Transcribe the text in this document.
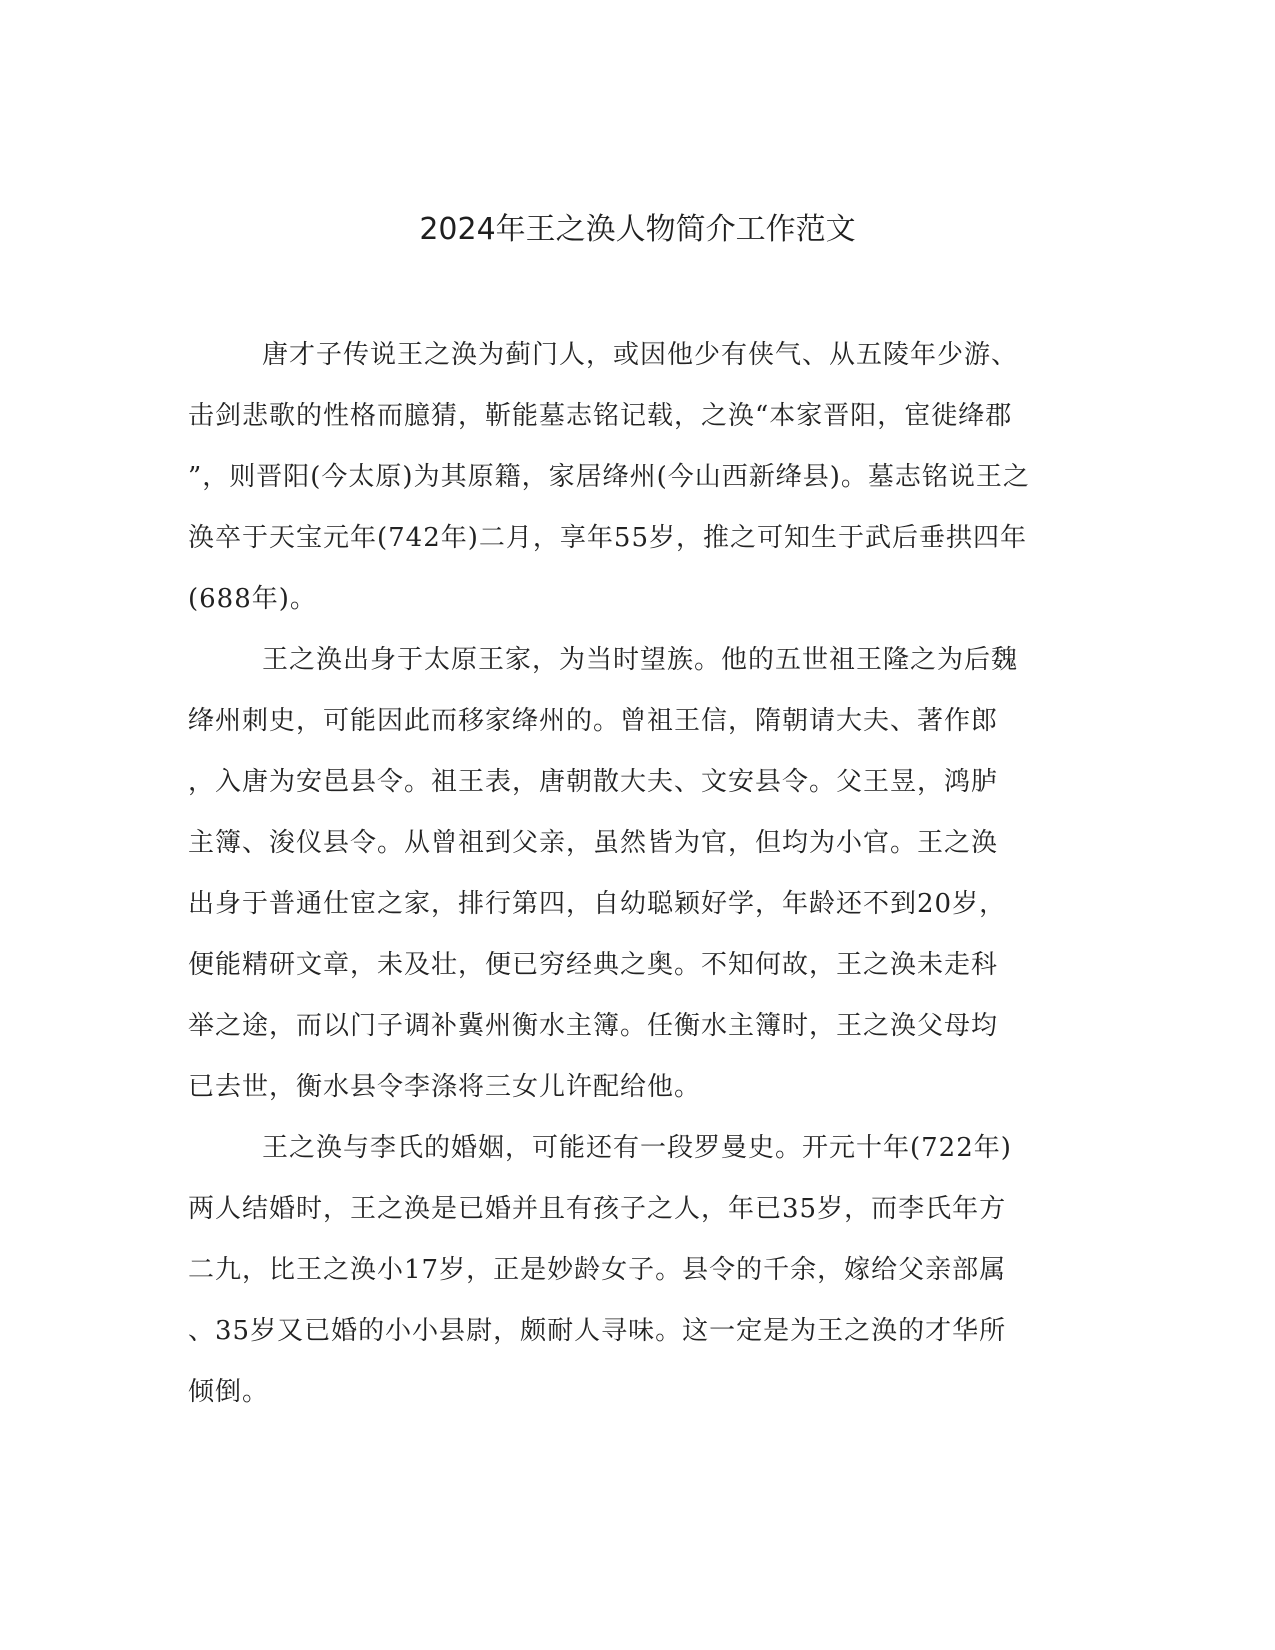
2024年王之涣人物简介工作范文

唐才子传说王之涣为蓟门人，或因他少有侠气、从五陵年少游、

击剑悲歌的性格而臆猜，靳能墓志铭记载，之涣“本家晋阳，宦徙绛郡

”，则晋阳(今太原)为其原籍，家居绛州(今山西新绛县)。墓志铭说王之

涣卒于天宝元年(742年)二月，享年55岁，推之可知生于武后垂拱四年

(688年)。

王之涣出身于太原王家，为当时望族。他的五世祖王隆之为后魏

绛州刺史，可能因此而移家绛州的。曾祖王信，隋朝请大夫、著作郎

，入唐为安邑县令。祖王表，唐朝散大夫、文安县令。父王昱，鸿胪

主簿、浚仪县令。从曾祖到父亲，虽然皆为官，但均为小官。王之涣

出身于普通仕宦之家，排行第四，自幼聪颖好学，年龄还不到20岁，

便能精研文章，未及壮，便已穷经典之奥。不知何故，王之涣未走科

举之途，而以门子调补冀州衡水主簿。任衡水主簿时，王之涣父母均

已去世，衡水县令李涤将三女儿许配给他。

王之涣与李氏的婚姻，可能还有一段罗曼史。开元十年(722年)

两人结婚时，王之涣是已婚并且有孩子之人，年已35岁，而李氏年方

二九，比王之涣小17岁，正是妙龄女子。县令的千余，嫁给父亲部属

、35岁又已婚的小小县尉，颇耐人寻味。这一定是为王之涣的才华所

倾倒。
